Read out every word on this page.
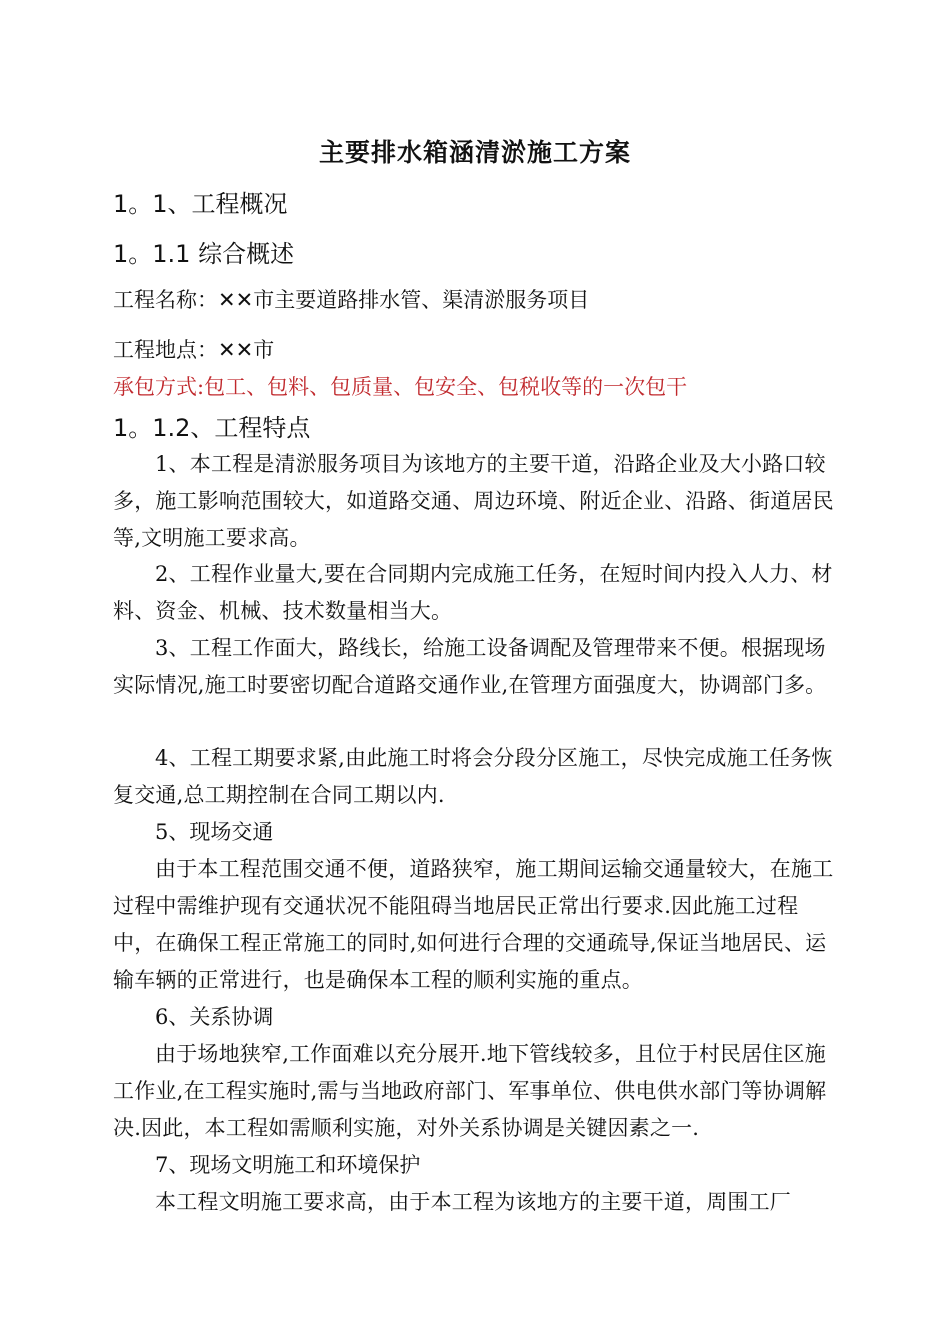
主要排水箱涵清淤施工方案
1。1、工程概况
1。1.1 综合概述
工程名称：✕✕市主要道路排水管、渠清淤服务项目
工程地点：✕✕市
承包方式:包工、包料、包质量、包安全、包税收等的一次包干
1。1.2、工程特点
1、本工程是清淤服务项目为该地方的主要干道，沿路企业及大小路口较多，施工影响范围较大，如道路交通、周边环境、附近企业、沿路、街道居民等,文明施工要求高。
2、工程作业量大,要在合同期内完成施工任务，在短时间内投入人力、材料、资金、机械、技术数量相当大。
3、工程工作面大，路线长，给施工设备调配及管理带来不便。根据现场实际情况,施工时要密切配合道路交通作业,在管理方面强度大，协调部门多。
4、工程工期要求紧,由此施工时将会分段分区施工，尽快完成施工任务恢复交通,总工期控制在合同工期以内.
5、现场交通
由于本工程范围交通不便，道路狭窄，施工期间运输交通量较大，在施工过程中需维护现有交通状况不能阻碍当地居民正常出行要求.因此施工过程中，在确保工程正常施工的同时,如何进行合理的交通疏导,保证当地居民、运输车辆的正常进行，也是确保本工程的顺利实施的重点。
6、关系协调
由于场地狭窄,工作面难以充分展开.地下管线较多，且位于村民居住区施工作业,在工程实施时,需与当地政府部门、军事单位、供电供水部门等协调解决.因此，本工程如需顺利实施，对外关系协调是关键因素之一.
7、现场文明施工和环境保护
本工程文明施工要求高，由于本工程为该地方的主要干道，周围工厂
